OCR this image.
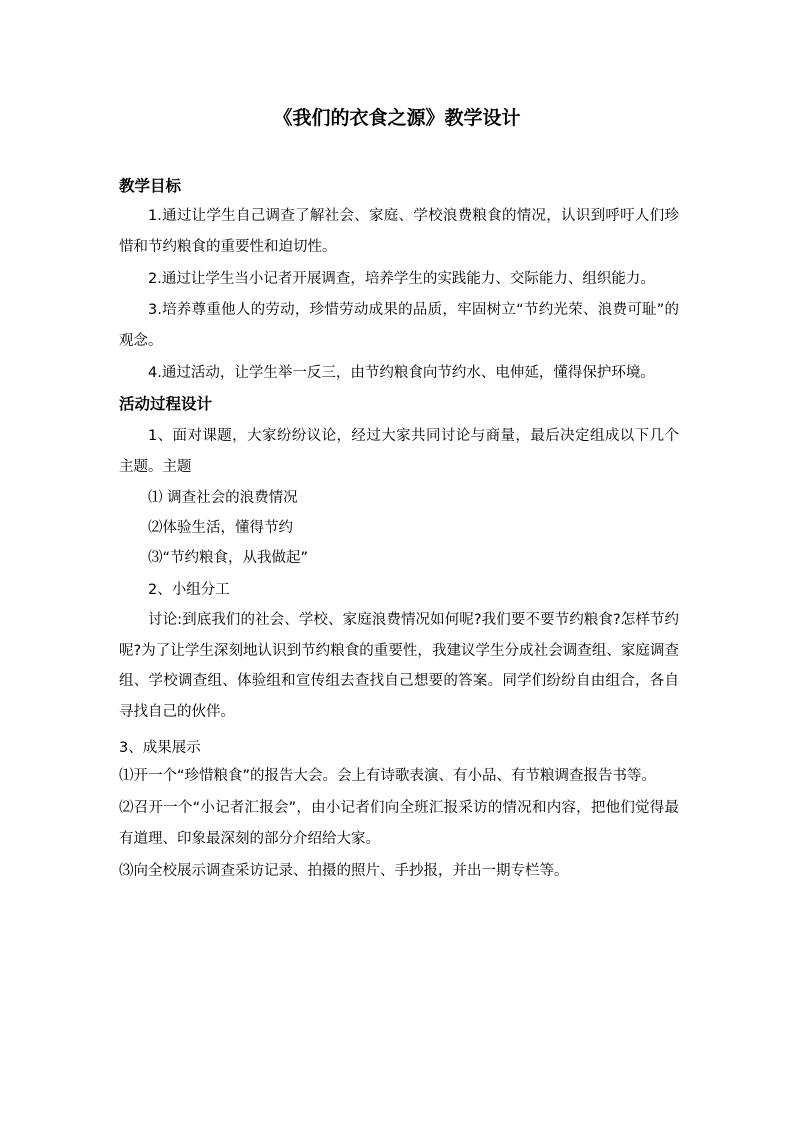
《我们的衣食之源》教学设计
教学目标

1.通过让学生自己调查了解社会、家庭、学校浪费粮食的情况，认识到呼吁人们珍惜和节约粮食的重要性和迫切性。

2.通过让学生当小记者开展调查，培养学生的实践能力、交际能力、组织能力。

3.培养尊重他人的劳动，珍惜劳动成果的品质，牢固树立“节约光荣、浪费可耻”的观念。

4.通过活动，让学生举一反三，由节约粮食向节约水、电伸延，懂得保护环境。

活动过程设计

1、面对课题，大家纷纷议论，经过大家共同讨论与商量，最后决定组成以下几个主题。主题

⑴ 调查社会的浪费情况

⑵体验生活，懂得节约

⑶“节约粮食，从我做起”

2、小组分工

讨论:到底我们的社会、学校、家庭浪费情况如何呢?我们要不要节约粮食?怎样节约呢?为了让学生深刻地认识到节约粮食的重要性，我建议学生分成社会调查组、家庭调查组、学校调查组、体验组和宣传组去查找自己想要的答案。同学们纷纷自由组合，各自寻找自己的伙伴。

3、成果展示

⑴开一个“珍惜粮食”的报告大会。会上有诗歌表演、有小品、有节粮调查报告书等。

⑵召开一个“小记者汇报会”，由小记者们向全班汇报采访的情况和内容，把他们觉得最有道理、印象最深刻的部分介绍给大家。

⑶向全校展示调查采访记录、拍摄的照片、手抄报，并出一期专栏等。
